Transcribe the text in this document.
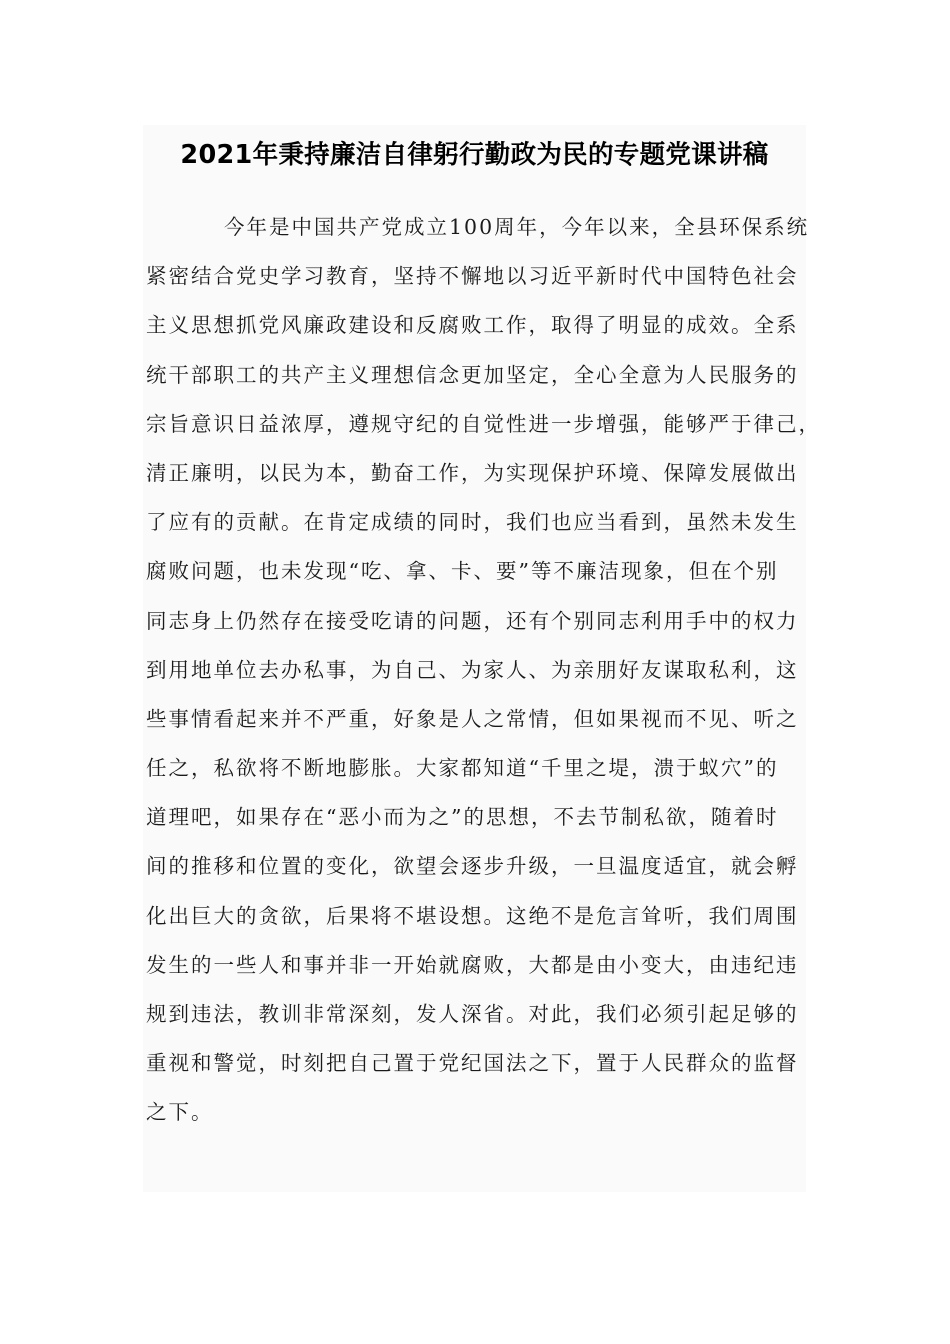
2021年秉持廉洁自律躬行勤政为民的专题党课讲稿
今年是中国共产党成立100周年，今年以来，全县环保系统
紧密结合党史学习教育，坚持不懈地以习近平新时代中国特色社会
主义思想抓党风廉政建设和反腐败工作，取得了明显的成效。全系
统干部职工的共产主义理想信念更加坚定，全心全意为人民服务的
宗旨意识日益浓厚，遵规守纪的自觉性进一步增强，能够严于律己，
清正廉明，以民为本，勤奋工作，为实现保护环境、保障发展做出
了应有的贡献。在肯定成绩的同时，我们也应当看到，虽然未发生
腐败问题，也未发现“吃、拿、卡、要”等不廉洁现象，但在个别
同志身上仍然存在接受吃请的问题，还有个别同志利用手中的权力
到用地单位去办私事，为自己、为家人、为亲朋好友谋取私利，这
些事情看起来并不严重，好象是人之常情，但如果视而不见、听之
任之，私欲将不断地膨胀。大家都知道“千里之堤，溃于蚁穴”的
道理吧，如果存在“恶小而为之”的思想，不去节制私欲，随着时
间的推移和位置的变化，欲望会逐步升级，一旦温度适宜，就会孵
化出巨大的贪欲，后果将不堪设想。这绝不是危言耸听，我们周围
发生的一些人和事并非一开始就腐败，大都是由小变大，由违纪违
规到违法，教训非常深刻，发人深省。对此，我们必须引起足够的
重视和警觉，时刻把自己置于党纪国法之下，置于人民群众的监督
之下。
